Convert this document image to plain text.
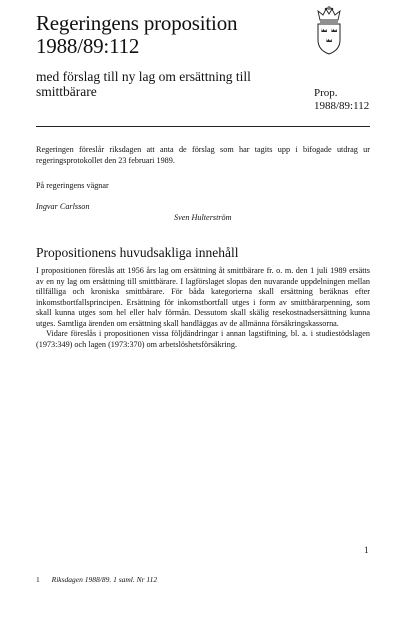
Regeringens proposition
1988/89:112
med förslag till ny lag om ersättning till smittbärare	Prop.
1988/89:112

Regeringen föreslår riksdagen att anta de förslag som har tagits upp i bifogade utdrag ur regeringsprotokollet den 23 februari 1989.

På regeringens vägnar
Ingvar Carlsson
Sven Hulterström
Propositionens huvudsakliga innehåll

I propositionen föreslås att 1956 års lag om ersättning åt smittbärare fr. o. m. den 1 juli 1989 ersätts av en ny lag om ersättning till smittbärare. I lagförslaget slopas den nuvarande uppdelningen mellan tillfälliga och kroniska smittbärare. För båda kategorierna skall ersättning beräknas efter inkomstbortfallsprincipen. Ersättning för inkomstbortfall utges i form av smittbärarpenning, som skall kunna utges som hel eller halv förmån. Dessutom skall skälig resekostnadsersättning kunna utges. Samtliga ärenden om ersättning skall handläggas av de allmänna försäkringskassorna.

Vidare föreslås i propositionen vissa följdändringar i annan lagstiftning, bl. a. i studiestödslagen (1973:349) och lagen (1973:370) om arbetslöshetsförsäkring.

1
1 Riksdagen 1988/89. 1 saml. Nr 112
